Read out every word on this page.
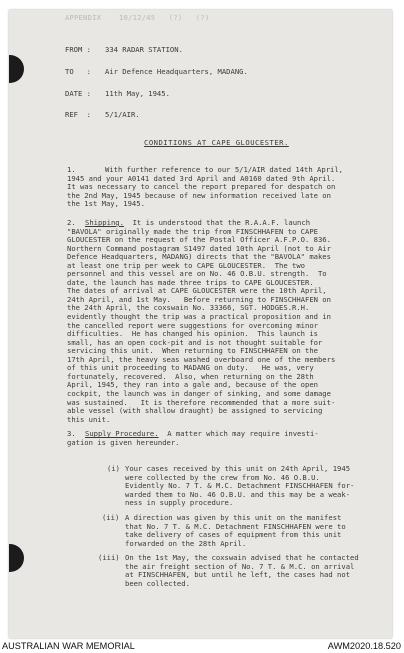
APPENDIX    10/12/45   (?)   (?)
FROM : 334 RADAR STATION.
TO   : Air Defence Headquarters, MADANG.
DATE : 11th May, 1945.
REF  : 5/1/AIR.
CONDITIONS AT CAPE GLOUCESTER.
1.	With further reference to our 5/1/AIR dated 14th April,
1945 and your A0141 dated 3rd April and A0160 dated 9th April.
It was necessary to cancel the report prepared for despatch on
the 2nd May, 1945 because of new information received late on
the 1st May, 1945.
2. Shipping.  It is understood that the R.A.A.F. launch
"BAVOLA" originally made the trip from FINSCHHAFEN to CAPE
GLOUCESTER on the request of the Postal Officer A.F.P.O. 836.
Northern Command postagram S1497 dated 10th April (not to Air
Defence Headquarters, MADANG) directs that the "BAVOLA" makes
at least one trip per week to CAPE GLOUCESTER.  The two
personnel and this vessel are on No. 46 O.B.U. strength.  To
date, the launch has made three trips to CAPE GLOUCESTER.
The dates of arrival at CAPE GLOUCESTER were the 10th April,
24th April, and 1st May.   Before returning to FINSCHHAFEN on
the 24th April, the coxswain No. 33366, SGT. HODGES.R.H.
evidently thought the trip was a practical proposition and in
the cancelled report were suggestions for overcoming minor
difficulties.  He has changed his opinion.  This launch is
small, has an open cock-pit and is not thought suitable for
servicing this unit.  When returning to FINSCHHAFEN on the
17th April, the heavy seas washed overboard one of the members
of this unit proceeding to MADANG on duty.   He was, very
fortunately, recovered.  Also, when returning on the 28th
April, 1945, they ran into a gale and, because of the open
cockpit, the launch was in danger of sinking, and some damage
was sustained.   It is therefore recommended that a more suit-
able vessel (with shallow draught) be assigned to servicing
this unit.
3. Supply Procedure.  A matter which may require investi-
gation is given hereunder.
(i) Your cases received by this unit on 24th April, 1945
were collected by the crew from No. 46 O.B.U.
Evidently No. 7 T. & M.C. Detachment FINSCHHAFEN for-
warded them to No. 46 O.B.U. and this may be a weak-
ness in supply procedure.
(ii) A direction was given by this unit on the manifest
that No. 7 T. & M.C. Detachment FINSCHHAFEN were to
take delivery of cases of equipment from this unit
forwarded on the 28th April.
(iii) On the 1st May, the coxswain advised that he contacted
the air freight section of No. 7 T. & M.C. on arrival
at FINSCHHAFEN, but until he left, the cases had not
been collected.
AUSTRALIAN WAR MEMORIAL	AWM2020.18.520
